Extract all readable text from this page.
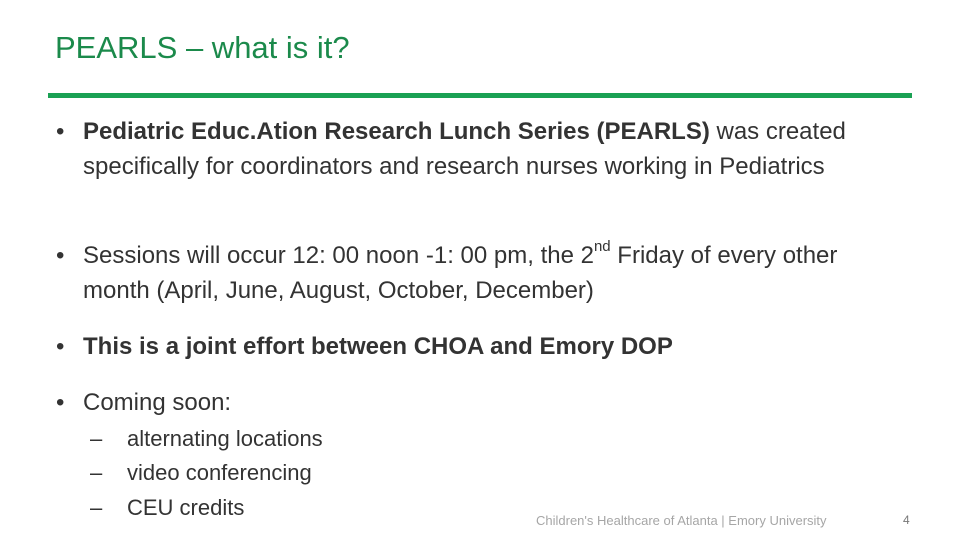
PEARLS – what is it?
• Pediatric Educ.Ation Research Lunch Series (PEARLS) was created specifically for coordinators and research nurses working in Pediatrics
• Sessions will occur 12: 00 noon -1: 00 pm, the 2nd Friday of every other month (April, June, August, October, December)
• This is a joint effort between CHOA and Emory DOP
• Coming soon:
– alternating locations
– video conferencing
– CEU credits
Children's Healthcare of Atlanta | Emory University	4
